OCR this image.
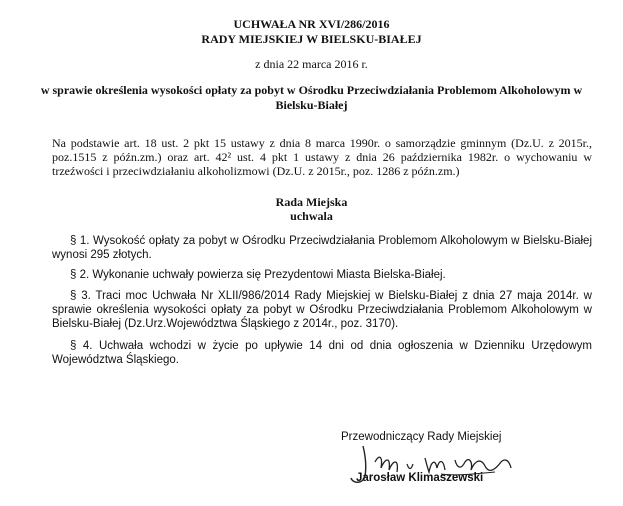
UCHWAŁA NR XVI/286/2016
RADY MIEJSKIEJ W BIELSKU-BIAŁEJ
z dnia 22 marca 2016 r.
w sprawie określenia wysokości opłaty za pobyt w Ośrodku Przeciwdziałania Problemom Alkoholowym w Bielsku-Białej

Na podstawie art. 18 ust. 2 pkt 15 ustawy z dnia 8 marca 1990r. o samorządzie gminnym (Dz.U. z 2015r., poz.1515 z późn.zm.) oraz art. 42² ust. 4 pkt 1 ustawy z dnia 26 października 1982r. o wychowaniu w trzeźwości i przeciwdziałaniu alkoholizmowi (Dz.U. z 2015r., poz. 1286 z późn.zm.)

Rada Miejska
uchwala

§ 1. Wysokość opłaty za pobyt w Ośrodku Przeciwdziałania Problemom Alkoholowym w Bielsku-Białej wynosi 295 złotych.

§ 2. Wykonanie uchwały powierza się Prezydentowi Miasta Bielska-Białej.

§ 3. Traci moc Uchwała Nr XLII/986/2014 Rady Miejskiej w Bielsku-Białej z dnia 27 maja 2014r. w sprawie określenia wysokości opłaty za pobyt w Ośrodku Przeciwdziałania Problemom Alkoholowym w Bielsku-Białej (Dz.Urz.Województwa Śląskiego z 2014r., poz. 3170).

§ 4. Uchwała wchodzi w życie po upływie 14 dni od dnia ogłoszenia w Dzienniku Urzędowym Województwa Śląskiego.

Przewodniczący Rady Miejskiej
Jarosław Klimaszewski
